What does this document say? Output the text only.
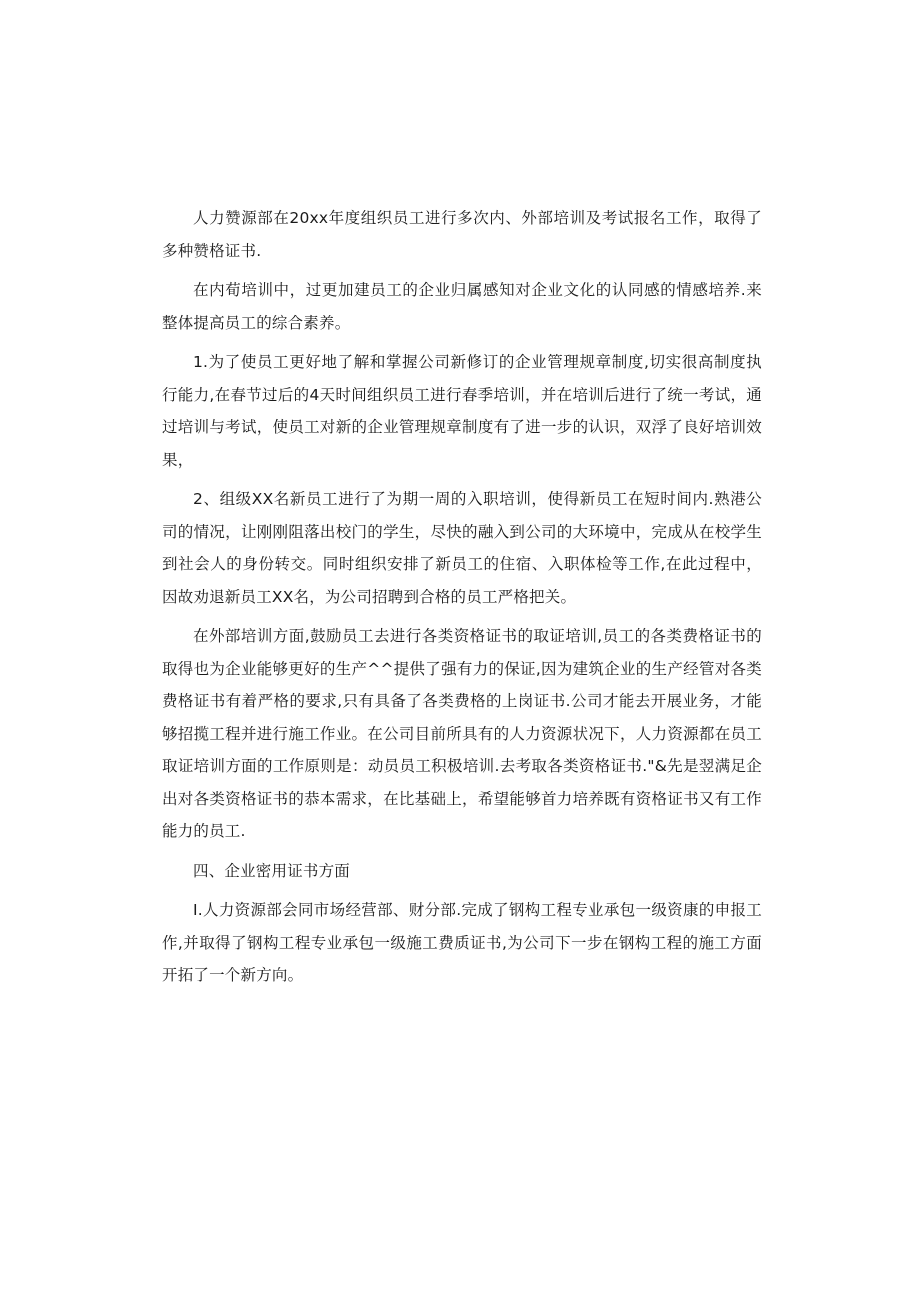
人力赞源部在20xx年度组织员工进行多次内、外部培训及考试报名工作，取得了多种赞格证书.

在内荀培训中，过更加建员工的企业归属感知对企业文化的认同感的情感培养.来整体提高员工的综合素养。

1.为了使员工更好地了解和掌握公司新修订的企业管理规章制度,切实很高制度执行能力,在春节过后的4天时间组织员工进行春季培训，并在培训后进行了统一考试，通过培训与考试，使员工对新的企业管理规章制度有了进一步的认识，双浮了良好培训效果，

2、组级XX名新员工进行了为期一周的入职培训，使得新员工在短时间内.熟港公司的情况，让刚刚阻落出校门的学生，尽快的融入到公司的大环境中，完成从在校学生到社会人的身份转交。同时组织安排了新员工的住宿、入职体检等工作,在此过程中，因故劝退新员工XX名，为公司招聘到合格的员工严格把关。

在外部培训方面,鼓励员工去进行各类资格证书的取证培训,员工的各类费格证书的取得也为企业能够更好的生产^^提供了强有力的保证,因为建筑企业的生产经管对各类费格证书有着严格的要求,只有具备了各类费格的上岗证书.公司才能去开展业务，才能够招揽工程并进行施工作业。在公司目前所具有的人力资源状况下，人力资源都在员工取证培训方面的工作原则是：动员员工积极培训.去考取各类资格证书."&先是翌满足企出对各类资格证书的恭本需求，在比基础上，希望能够首力培养既有资格证书又有工作能力的员工.

四、企业密用证书方面

I.人力资源部会同市场经营部、财分部.完成了钢构工程专业承包一级资康的申报工作,并取得了钢构工程专业承包一级施工费质证书,为公司下一步在钢构工程的施工方面开拓了一个新方向。
